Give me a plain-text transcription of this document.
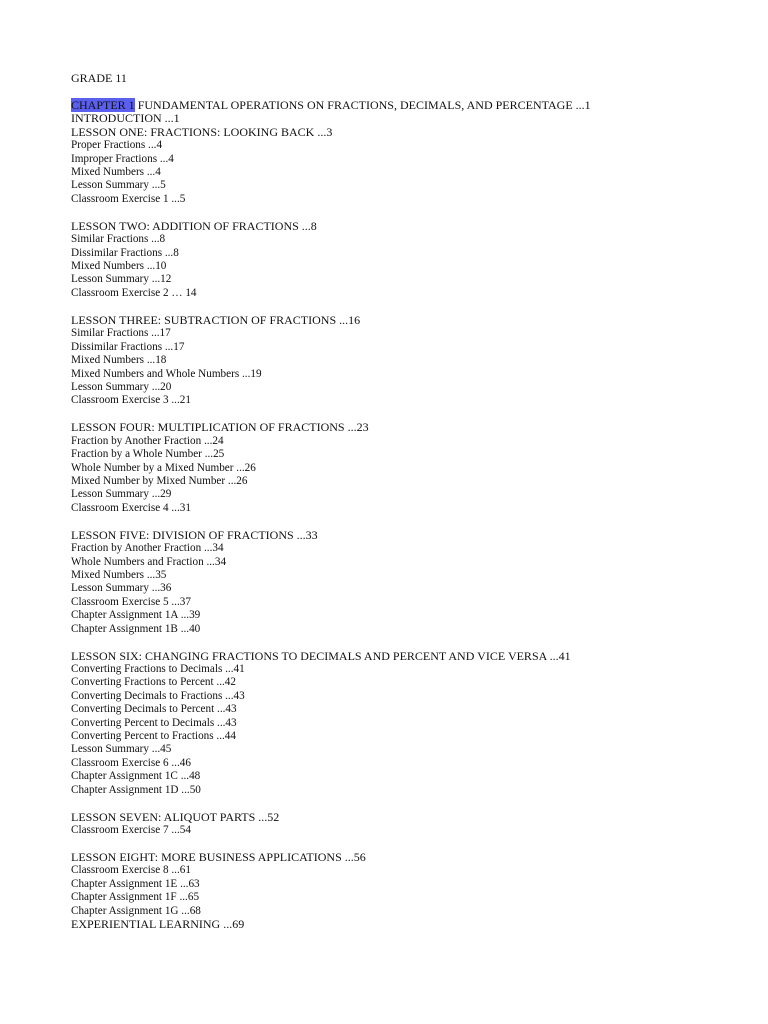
GRADE 11
CHAPTER 1 FUNDAMENTAL OPERATIONS ON FRACTIONS, DECIMALS, AND PERCENTAGE ...1
INTRODUCTION ...1
LESSON ONE: FRACTIONS: LOOKING BACK ...3
Proper Fractions ...4
Improper Fractions ...4
Mixed Numbers ...4
Lesson Summary ...5
Classroom Exercise 1 ...5
LESSON TWO: ADDITION OF FRACTIONS ...8
Similar Fractions ...8
Dissimilar Fractions ...8
Mixed Numbers ...10
Lesson Summary ...12
Classroom Exercise 2 … 14
LESSON THREE: SUBTRACTION OF FRACTIONS ...16
Similar Fractions ...17
Dissimilar Fractions ...17
Mixed Numbers ...18
Mixed Numbers and Whole Numbers ...19
Lesson Summary ...20
Classroom Exercise 3 ...21
LESSON FOUR: MULTIPLICATION OF FRACTIONS ...23
Fraction by Another Fraction ...24
Fraction by a Whole Number ...25
Whole Number by a Mixed Number ...26
Mixed Number by Mixed Number ...26
Lesson Summary ...29
Classroom Exercise 4 ...31
LESSON FIVE: DIVISION OF FRACTIONS ...33
Fraction by Another Fraction ...34
Whole Numbers and Fraction ...34
Mixed Numbers ...35
Lesson Summary ...36
Classroom Exercise 5 ...37
Chapter Assignment 1A ...39
Chapter Assignment 1B ...40
LESSON SIX: CHANGING FRACTIONS TO DECIMALS AND PERCENT AND VICE VERSA ...41
Converting Fractions to Decimals ...41
Converting Fractions to Percent ...42
Converting Decimals to Fractions ...43
Converting Decimals to Percent ...43
Converting Percent to Decimals ...43
Converting Percent to Fractions ...44
Lesson Summary ...45
Classroom Exercise 6 ...46
Chapter Assignment 1C ...48
Chapter Assignment 1D ...50
LESSON SEVEN: ALIQUOT PARTS ...52
Classroom Exercise 7 ...54
LESSON EIGHT: MORE BUSINESS APPLICATIONS ...56
Classroom Exercise 8 ...61
Chapter Assignment 1E ...63
Chapter Assignment 1F ...65
Chapter Assignment 1G ...68
EXPERIENTIAL LEARNING ...69
